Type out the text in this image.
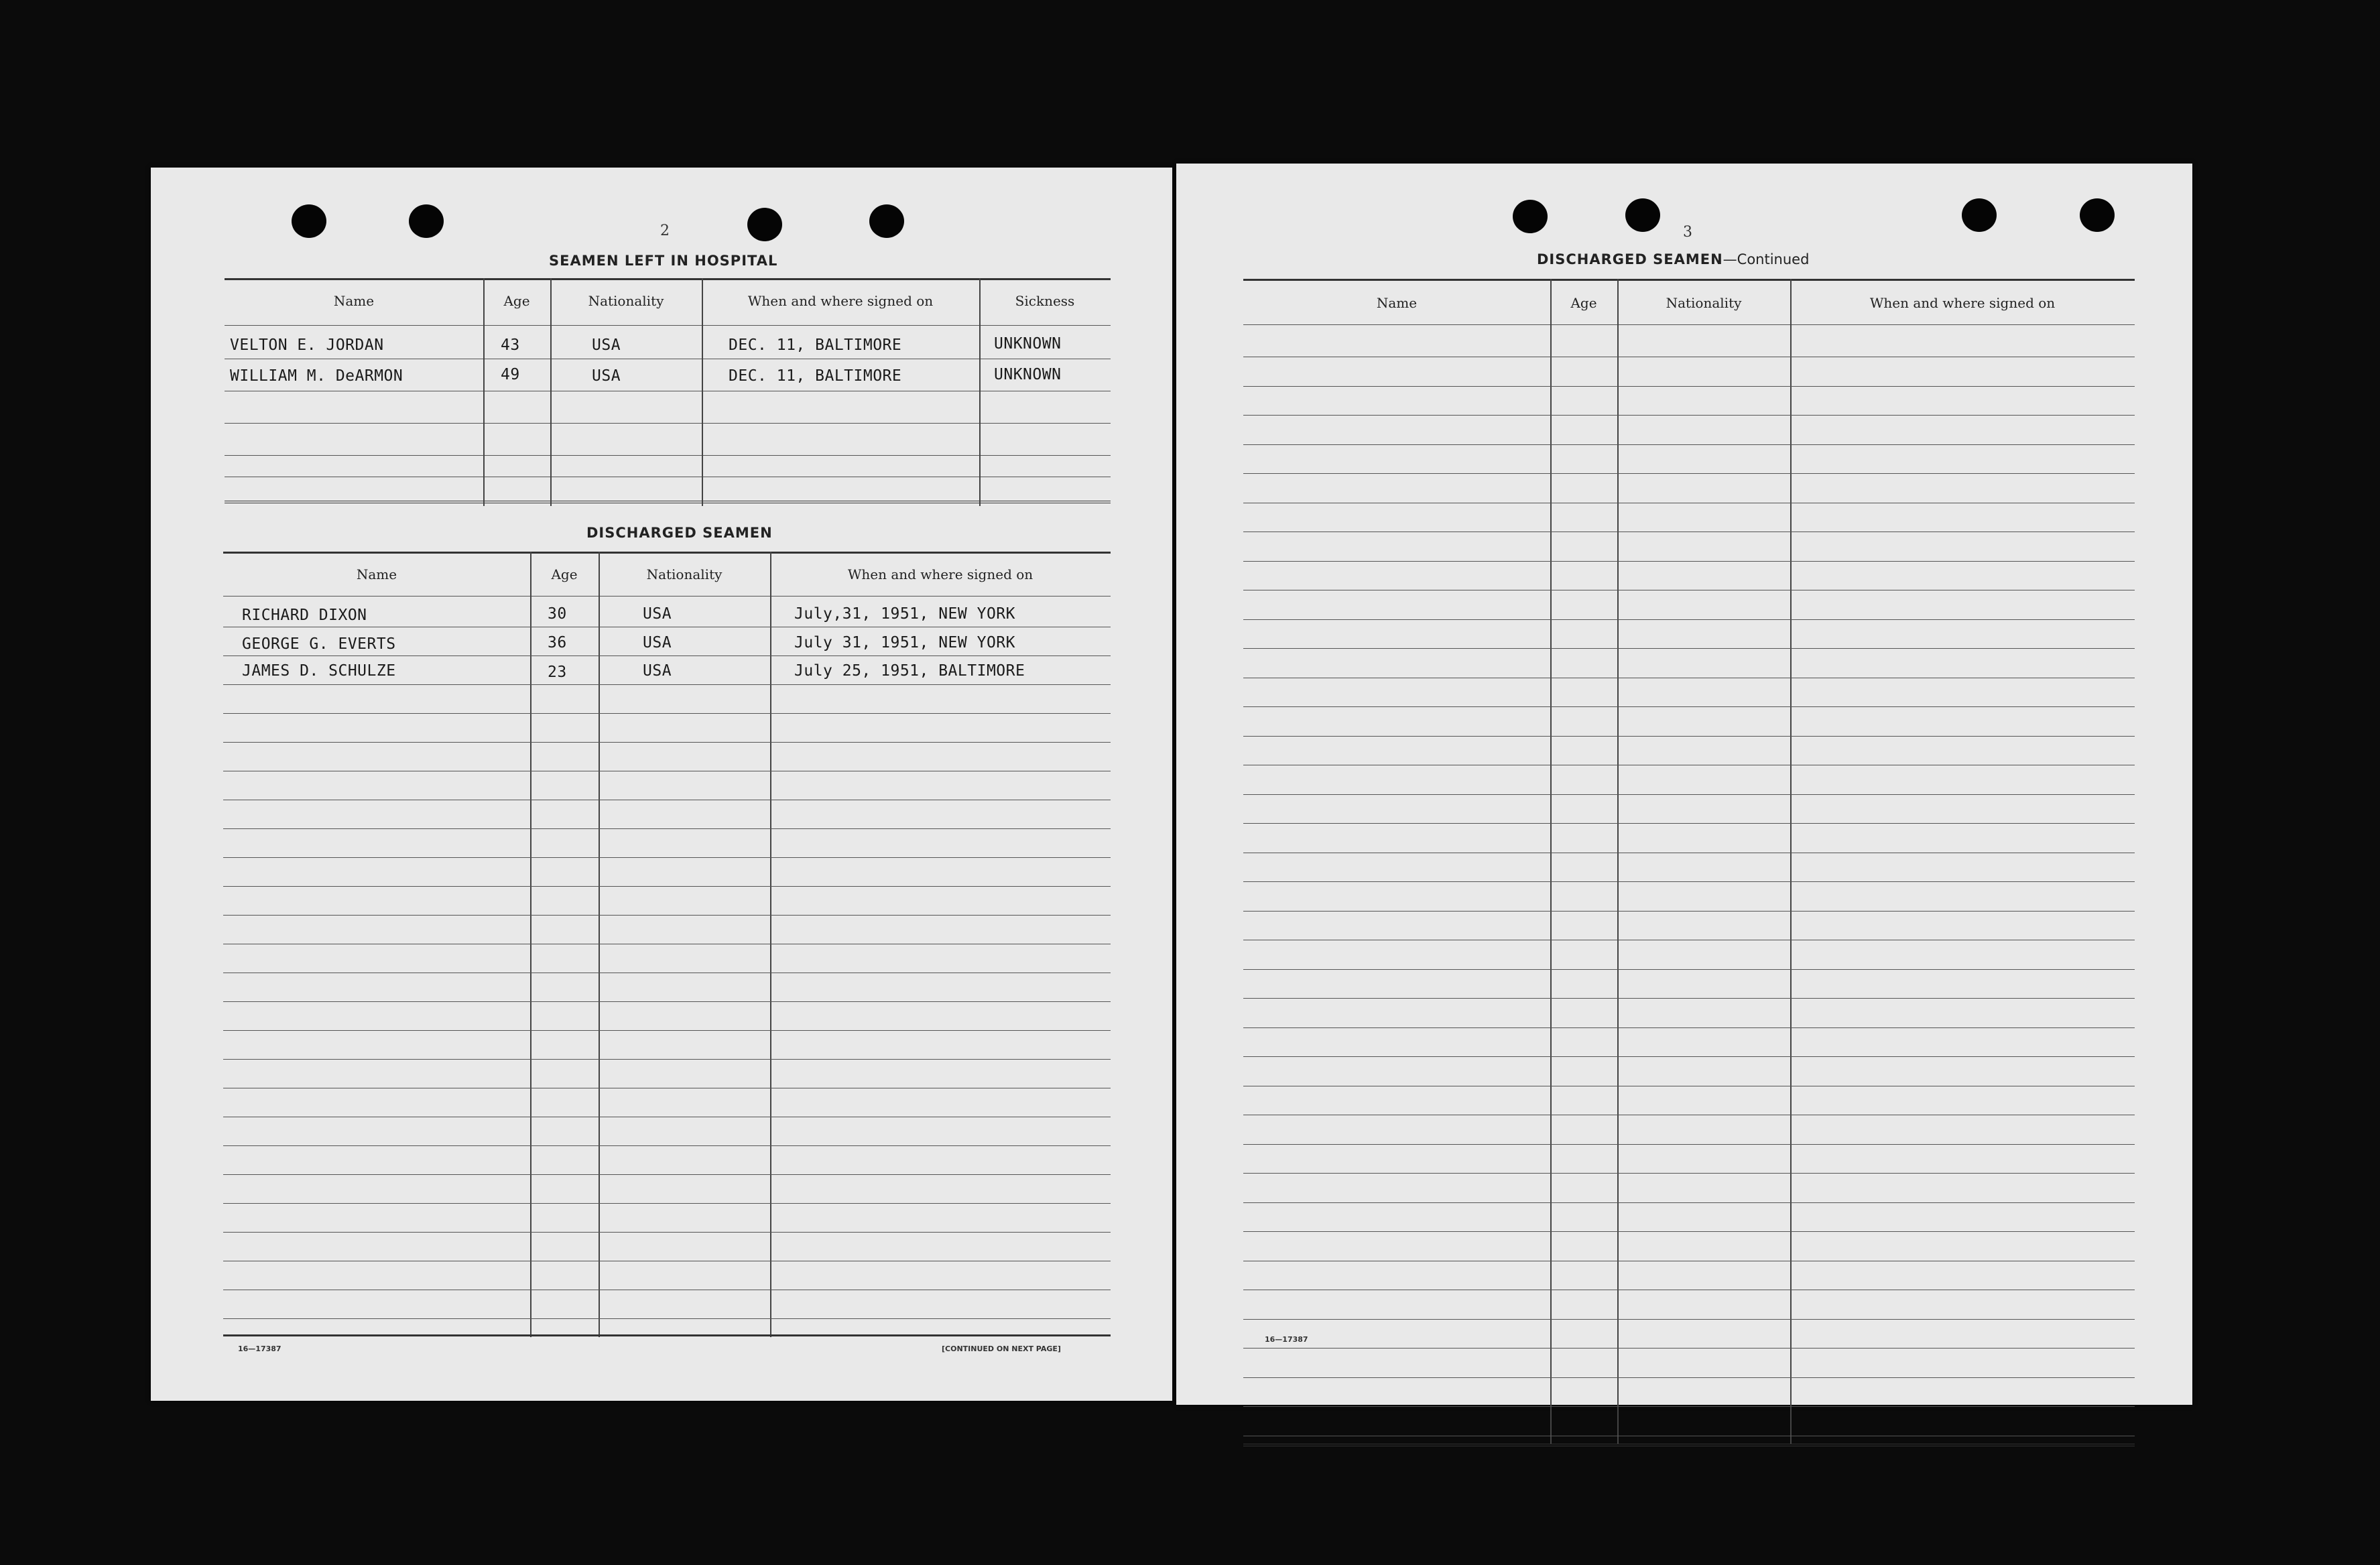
2
SEAMEN LEFT IN HOSPITAL
Name	Age	Nationality	When and where signed on	Sickness
VELTON E. JORDAN	43	USA	DEC. 11, BALTIMORE	UNKNOWN
WILLIAM M. DeARMON	49	USA	DEC. 11, BALTIMORE	UNKNOWN
DISCHARGED SEAMEN
Name	Age	Nationality	When and where signed on
RICHARD DIXON	30	USA	July,31, 1951, NEW YORK
GEORGE G. EVERTS	36	USA	July 31, 1951, NEW YORK
JAMES D. SCHULZE	23	USA	July 25, 1951, BALTIMORE
16—17387	[CONTINUED ON NEXT PAGE]
3
DISCHARGED SEAMEN—Continued
Name	Age	Nationality	When and where signed on
16—17387
